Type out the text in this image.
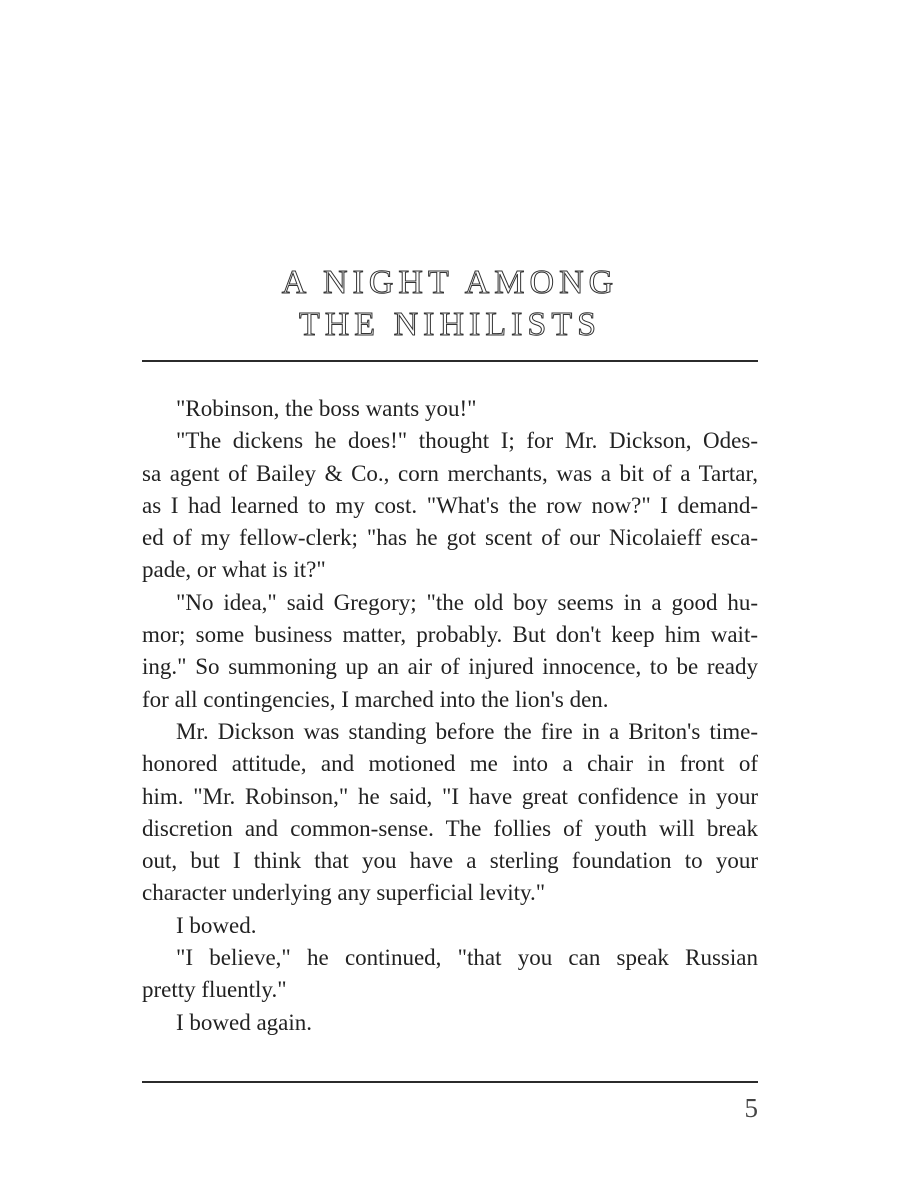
A NIGHT AMONG
THE NIHILISTS
"Robinson, the boss wants you!"
"The dickens he does!" thought I; for Mr. Dickson, Odes-
sa agent of Bailey & Co., corn merchants, was a bit of a Tartar,
as I had learned to my cost. "What's the row now?" I demand-
ed of my fellow-clerk; "has he got scent of our Nicolaieff esca-
pade, or what is it?"
"No idea," said Gregory; "the old boy seems in a good hu-
mor; some business matter, probably. But don't keep him wait-
ing." So summoning up an air of injured innocence, to be ready
for all contingencies, I marched into the lion's den.
Mr. Dickson was standing before the fire in a Briton's time-
honored attitude, and motioned me into a chair in front of
him. "Mr. Robinson," he said, "I have great confidence in your
discretion and common-sense. The follies of youth will break
out, but I think that you have a sterling foundation to your
character underlying any superficial levity."
I bowed.
"I believe," he continued, "that you can speak Russian
pretty fluently."
I bowed again.
5
